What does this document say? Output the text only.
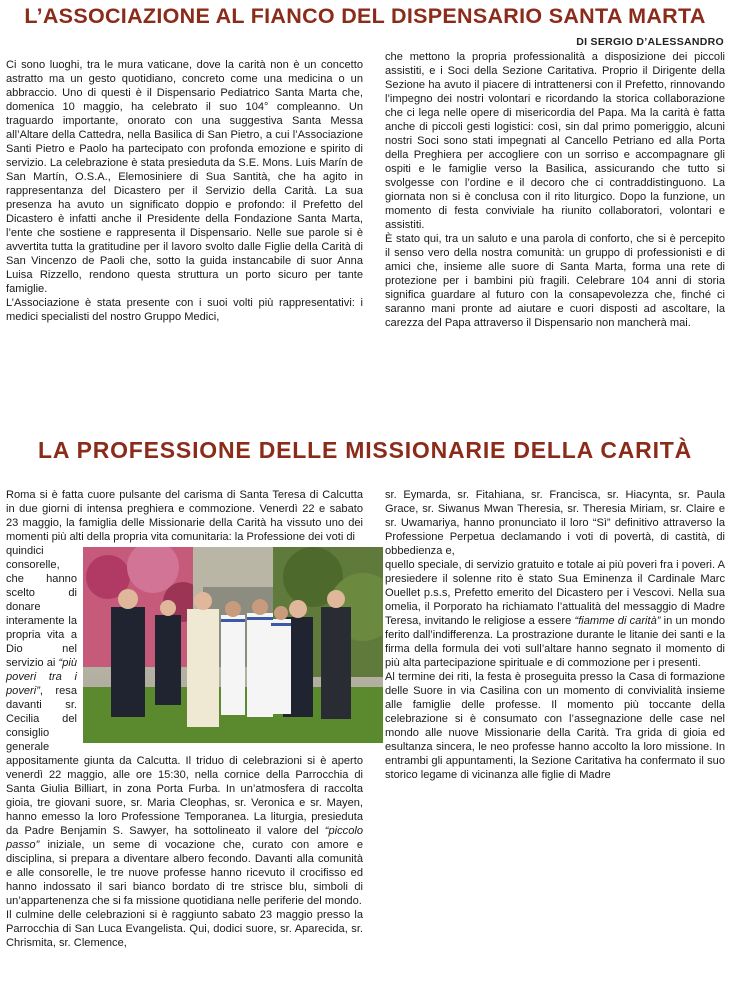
L’ASSOCIAZIONE AL FIANCO DEL DISPENSARIO SANTA MARTA
DI SERGIO D’ALESSANDRO

Ci sono luoghi, tra le mura vaticane, dove la carità non è un concetto astratto ma un gesto quotidiano, concreto come una medicina o un abbraccio. Uno di questi è il Dispensario Pediatrico Santa Marta che, domenica 10 maggio, ha celebrato il suo 104° compleanno. Un traguardo importante, onorato con una suggestiva Santa Messa all’Altare della Cattedra, nella Basilica di San Pietro, a cui l’Associazione Santi Pietro e Paolo ha partecipato con profonda emozione e spirito di servizio. La celebrazione è stata presieduta da S.E. Mons. Luis Marín de San Martín, O.S.A., Elemosiniere di Sua Santità, che ha agito in rappresentanza del Dicastero per il Servizio della Carità. La sua presenza ha avuto un significato doppio e profondo: il Prefetto del Dicastero è infatti anche il Presidente della Fondazione Santa Marta, l’ente che sostiene e rappresenta il Dispensario. Nelle sue parole si è avvertita tutta la gratitudine per il lavoro svolto dalle Figlie della Carità di San Vincenzo de Paoli che, sotto la guida instancabile di suor Anna Luisa Rizzello, rendono questa struttura un porto sicuro per tante famiglie.

L’Associazione è stata presente con i suoi volti più rappresentativi: i medici specialisti del nostro Gruppo Medici,

che mettono la propria professionalità a disposizione dei piccoli assistiti, e i Soci della Sezione Caritativa. Proprio il Dirigente della Sezione ha avuto il piacere di intrattenersi con il Prefetto, rinnovando l’impegno dei nostri volontari e ricordando la storica collaborazione che ci lega nelle opere di misericordia del Papa. Ma la carità è fatta anche di piccoli gesti logistici: così, sin dal primo pomeriggio, alcuni nostri Soci sono stati impegnati al Cancello Petriano ed alla Porta della Preghiera per accogliere con un sorriso e accompagnare gli ospiti e le famiglie verso la Basilica, assicurando che tutto si svolgesse con l’ordine e il decoro che ci contraddistinguono. La giornata non si è conclusa con il rito liturgico. Dopo la funzione, un momento di festa conviviale ha riunito collaboratori, volontari e assistiti.

È stato qui, tra un saluto e una parola di conforto, che si è percepito il senso vero della nostra comunità: un gruppo di professionisti e di amici che, insieme alle suore di Santa Marta, forma una rete di protezione per i bambini più fragili. Celebrare 104 anni di storia significa guardare al futuro con la consapevolezza che, finché ci saranno mani pronte ad aiutare e cuori disposti ad ascoltare, la carezza del Papa attraverso il Dispensario non mancherà mai.

LA PROFESSIONE DELLE MISSIONARIE DELLA CARITÀ

Roma si è fatta cuore pulsante del carisma di Santa Teresa di Calcutta in due giorni di intensa preghiera e commozione. Venerdì 22 e sabato 23 maggio, la famiglia delle Missionarie della Carità ha vissuto uno dei momenti più alti della propria vita comunitaria: la Professione dei voti di

quindici consorelle, che hanno scelto di donare interamente la propria vita a Dio nel servizio ai “più poveri tra i poveri”, resa davanti sr. Cecilia del consiglio generale appositamente giunta da Calcutta. Il triduo di celebrazioni si è aperto venerdì 22 maggio, alle ore 15:30, nella cornice della Parrocchia di Santa Giulia Billiart, in zona Porta Furba. In un’atmosfera di raccolta gioia, tre giovani suore, sr. Maria Cleophas, sr. Veronica e sr. Mayen, hanno emesso la loro Professione Temporanea. La liturgia, presieduta da Padre Benjamin S. Sawyer, ha sottolineato il valore del “piccolo passo” iniziale, un seme di vocazione che, curato con amore e disciplina, si prepara a diventare albero fecondo. Davanti alla comunità e alle consorelle, le tre nuove professe hanno ricevuto il crocifisso ed hanno indossato il sari bianco bordato di tre strisce blu, simboli di un’appartenenza che si fa missione quotidiana nelle periferie del mondo.

Il culmine delle celebrazioni si è raggiunto sabato 23 maggio presso la Parrocchia di San Luca Evangelista. Qui, dodici suore, sr. Aparecida, sr. Chrismita, sr. Clemence,

sr. Eymarda, sr. Fitahiana, sr. Francisca, sr. Hiacynta, sr. Paula Grace, sr. Siwanus Mwan Theresia, sr. Theresia Miriam, sr. Claire e sr. Uwamariya, hanno pronunciato il loro “Sì” definitivo attraverso la Professione Perpetua declamando i voti di povertà, di castità, di obbedienza e,

quello speciale, di servizio gratuito e totale ai più poveri fra i poveri. A presiedere il solenne rito è stato Sua Eminenza il Cardinale Marc Ouellet p.s.s, Prefetto emerito del Dicastero per i Vescovi. Nella sua omelia, il Porporato ha richiamato l’attualità del messaggio di Madre Teresa, invitando le religiose a essere “fiamme di carità” in un mondo ferito dall’indifferenza. La prostrazione durante le litanie dei santi e la firma della formula dei voti sull’altare hanno segnato il momento di più alta partecipazione spirituale e di commozione per i presenti.

Al termine dei riti, la festa è proseguita presso la Casa di formazione delle Suore in via Casilina con un momento di convivialità insieme alle famiglie delle professe. Il momento più toccante della celebrazione si è consumato con l’assegnazione delle case nel mondo alle nuove Missionarie della Carità. Tra grida di gioia ed esultanza sincera, le neo professe hanno accolto la loro missione. In entrambi gli appuntamenti, la Sezione Caritativa ha confermato il suo storico legame di vicinanza alle figlie di Madre
